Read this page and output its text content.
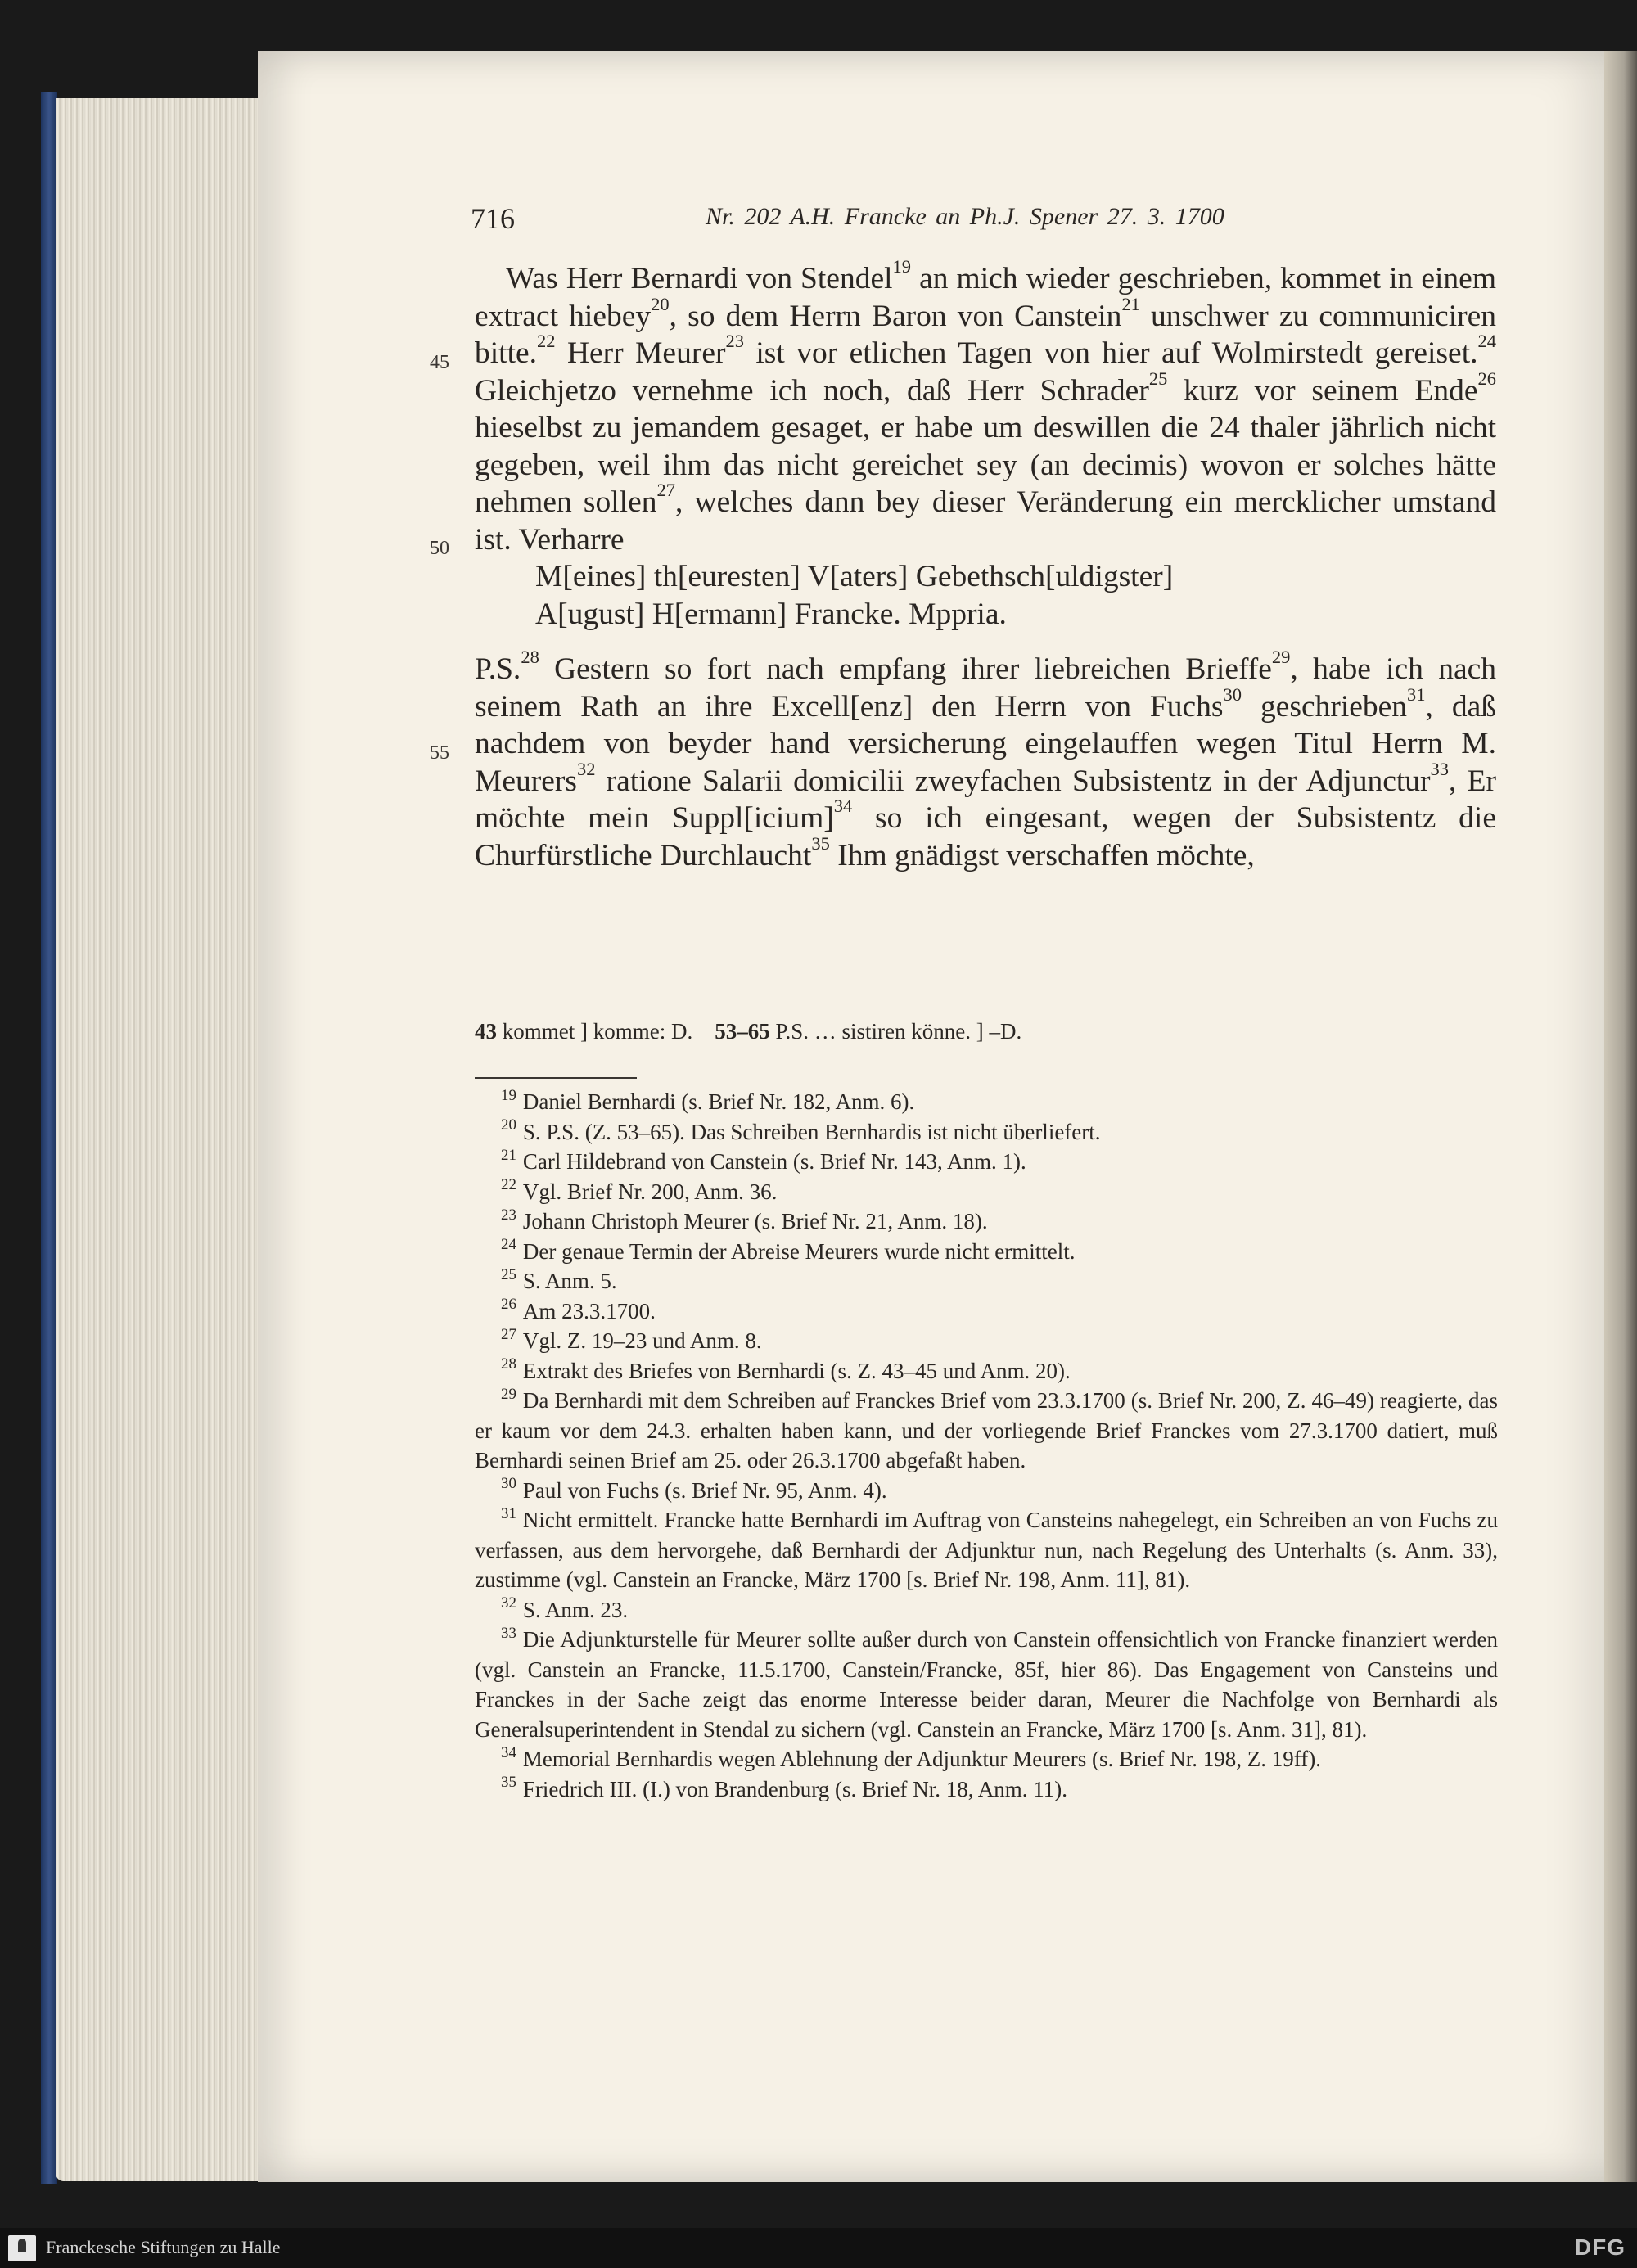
716	Nr. 202 A.H. Francke an Ph.J. Spener 27. 3. 1700
45
50
55

Was Herr Bernardi von Stendel$^{19}$ an mich wieder geschrieben, kommet in einem extract hiebey$^{20}$, so dem Herrn Baron von Canstein$^{21}$ unschwer zu communiciren bitte.$^{22}$ Herr Meurer$^{23}$ ist vor etlichen Tagen von hier auf Wolmirstedt gereiset.$^{24}$ Gleichjetzo vernehme ich noch, daß Herr Schrader$^{25}$ kurz vor seinem Ende$^{26}$ hieselbst zu jemandem gesaget, er habe um deswillen die 24 thaler jährlich nicht gegeben, weil ihm das nicht gereichet sey (an decimis) wovon er solches hätte nehmen sollen$^{27}$, welches dann bey dieser Veränderung ein mercklicher umstand ist. Verharre

M[eines] th[euresten] V[aters] Gebethsch[uldigster]

A[ugust] H[ermann] Francke. Mppria.

P.S.$^{28}$ Gestern so fort nach empfang ihrer liebreichen Brieffe$^{29}$, habe ich nach seinem Rath an ihre Excell[enz] den Herrn von Fuchs$^{30}$ geschrieben$^{31}$, daß nachdem von beyder hand versicherung eingelauffen wegen Titul Herrn M. Meurers$^{32}$ ratione Salarii domicilii zweyfachen Subsistentz in der Adjunctur$^{33}$, Er möchte mein Suppl[icium]$^{34}$ so ich eingesant, wegen der Subsistentz die Churfürstliche Durchlaucht$^{35}$ Ihm gnädigst verschaffen möchte,

43 kommet ] komme: D. 53–65 P.S. … sistiren könne. ] –D.

$^{19}$ Daniel Bernhardi (s. Brief Nr. 182, Anm. 6).

$^{20}$ S. P.S. (Z. 53–65). Das Schreiben Bernhardis ist nicht überliefert.

$^{21}$ Carl Hildebrand von Canstein (s. Brief Nr. 143, Anm. 1).

$^{22}$ Vgl. Brief Nr. 200, Anm. 36.

$^{23}$ Johann Christoph Meurer (s. Brief Nr. 21, Anm. 18).

$^{24}$ Der genaue Termin der Abreise Meurers wurde nicht ermittelt.

$^{25}$ S. Anm. 5.

$^{26}$ Am 23.3.1700.

$^{27}$ Vgl. Z. 19–23 und Anm. 8.

$^{28}$ Extrakt des Briefes von Bernhardi (s. Z. 43–45 und Anm. 20).

$^{29}$ Da Bernhardi mit dem Schreiben auf Franckes Brief vom 23.3.1700 (s. Brief Nr. 200, Z. 46–49) reagierte, das er kaum vor dem 24.3. erhalten haben kann, und der vorliegende Brief Franckes vom 27.3.1700 datiert, muß Bernhardi seinen Brief am 25. oder 26.3.1700 abgefaßt haben.

$^{30}$ Paul von Fuchs (s. Brief Nr. 95, Anm. 4).

$^{31}$ Nicht ermittelt. Francke hatte Bernhardi im Auftrag von Cansteins nahegelegt, ein Schreiben an von Fuchs zu verfassen, aus dem hervorgehe, daß Bernhardi der Adjunktur nun, nach Regelung des Unterhalts (s. Anm. 33), zustimme (vgl. Canstein an Francke, März 1700 [s. Brief Nr. 198, Anm. 11], 81).

$^{32}$ S. Anm. 23.

$^{33}$ Die Adjunkturstelle für Meurer sollte außer durch von Canstein offensichtlich von Francke finanziert werden (vgl. Canstein an Francke, 11.5.1700, Canstein/Francke, 85f, hier 86). Das Engagement von Cansteins und Franckes in der Sache zeigt das enorme Interesse beider daran, Meurer die Nachfolge von Bernhardi als Generalsuperintendent in Stendal zu sichern (vgl. Canstein an Francke, März 1700 [s. Anm. 31], 81).

$^{34}$ Memorial Bernhardis wegen Ablehnung der Adjunktur Meurers (s. Brief Nr. 198, Z. 19ff).

$^{35}$ Friedrich III. (I.) von Brandenburg (s. Brief Nr. 18, Anm. 11).

Franckesche Stiftungen zu Halle	DFG
